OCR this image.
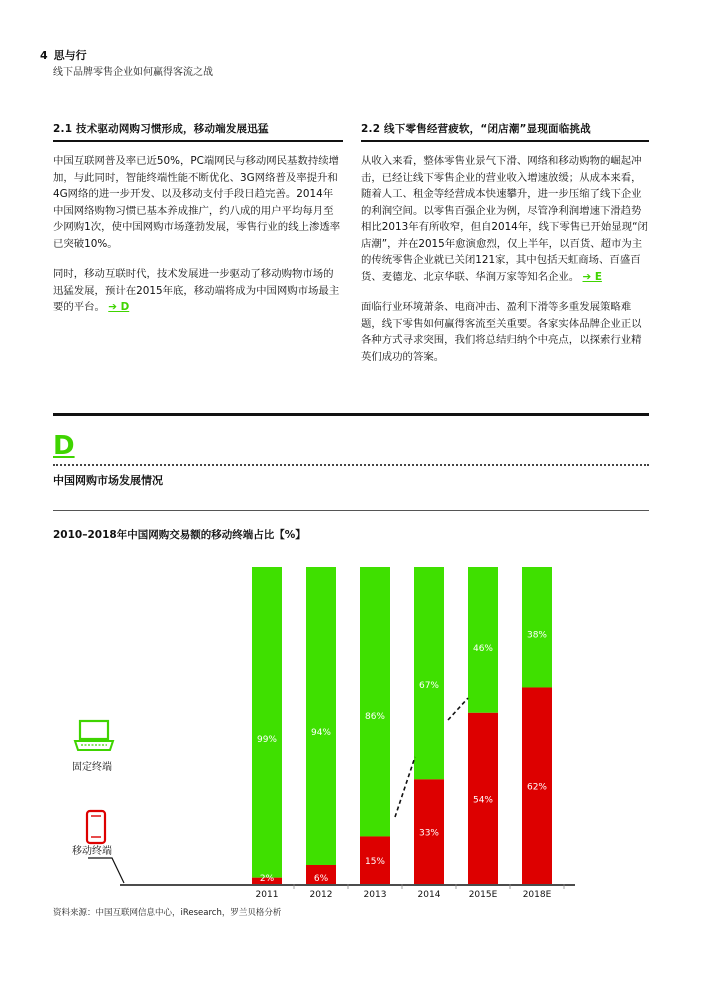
4 思与行
线下品牌零售企业如何赢得客流之战
2.1 技术驱动网购习惯形成，移动端发展迅猛	2.2 线下零售经营疲软，“闭店潮”显现面临挑战

中国互联网普及率已近50%，PC端网民与移动网民基数持续增加，与此同时，智能终端性能不断优化、3G网络普及率提升和4G网络的进一步开发、以及移动支付手段日趋完善。2014年中国网络购物习惯已基本养成推广，约八成的用户平均每月至少网购1次，使中国网购市场蓬勃发展，零售行业的线上渗透率已突破10%。

同时，移动互联时代，技术发展进一步驱动了移动购物市场的迅猛发展，预计在2015年底，移动端将成为中国网购市场最主要的平台。 ➔ D

从收入来看，整体零售业景气下滑、网络和移动购物的崛起冲击，已经让线下零售企业的营业收入增速放缓；从成本来看，随着人工、租金等经营成本快速攀升，进一步压缩了线下企业的利润空间。以零售百强企业为例，尽管净利润增速下滑趋势相比2013年有所收窄，但自2014年，线下零售已开始显现“闭店潮”，并在2015年愈演愈烈，仅上半年，以百货、超市为主的传统零售企业就已关闭121家，其中包括天虹商场、百盛百货、麦德龙、北京华联、华润万家等知名企业。 ➔ E

面临行业环境萧条、电商冲击、盈利下滑等多重发展策略难题，线下零售如何赢得客流至关重要。各家实体品牌企业正以各种方式寻求突围，我们将总结归纳个中亮点，以探索行业精英们成功的答案。

D
中国网购市场发展情况
2010–2018年中国网购交易额的移动终端占比【%】
99%
2%
94%
6%
86%
15%
67%
33%
46%
54%
38%
62%
2011	2012	2013	2014	2015E	2018E
固定终端
移动终端
资料来源：中国互联网信息中心，iResearch，罗兰贝格分析
